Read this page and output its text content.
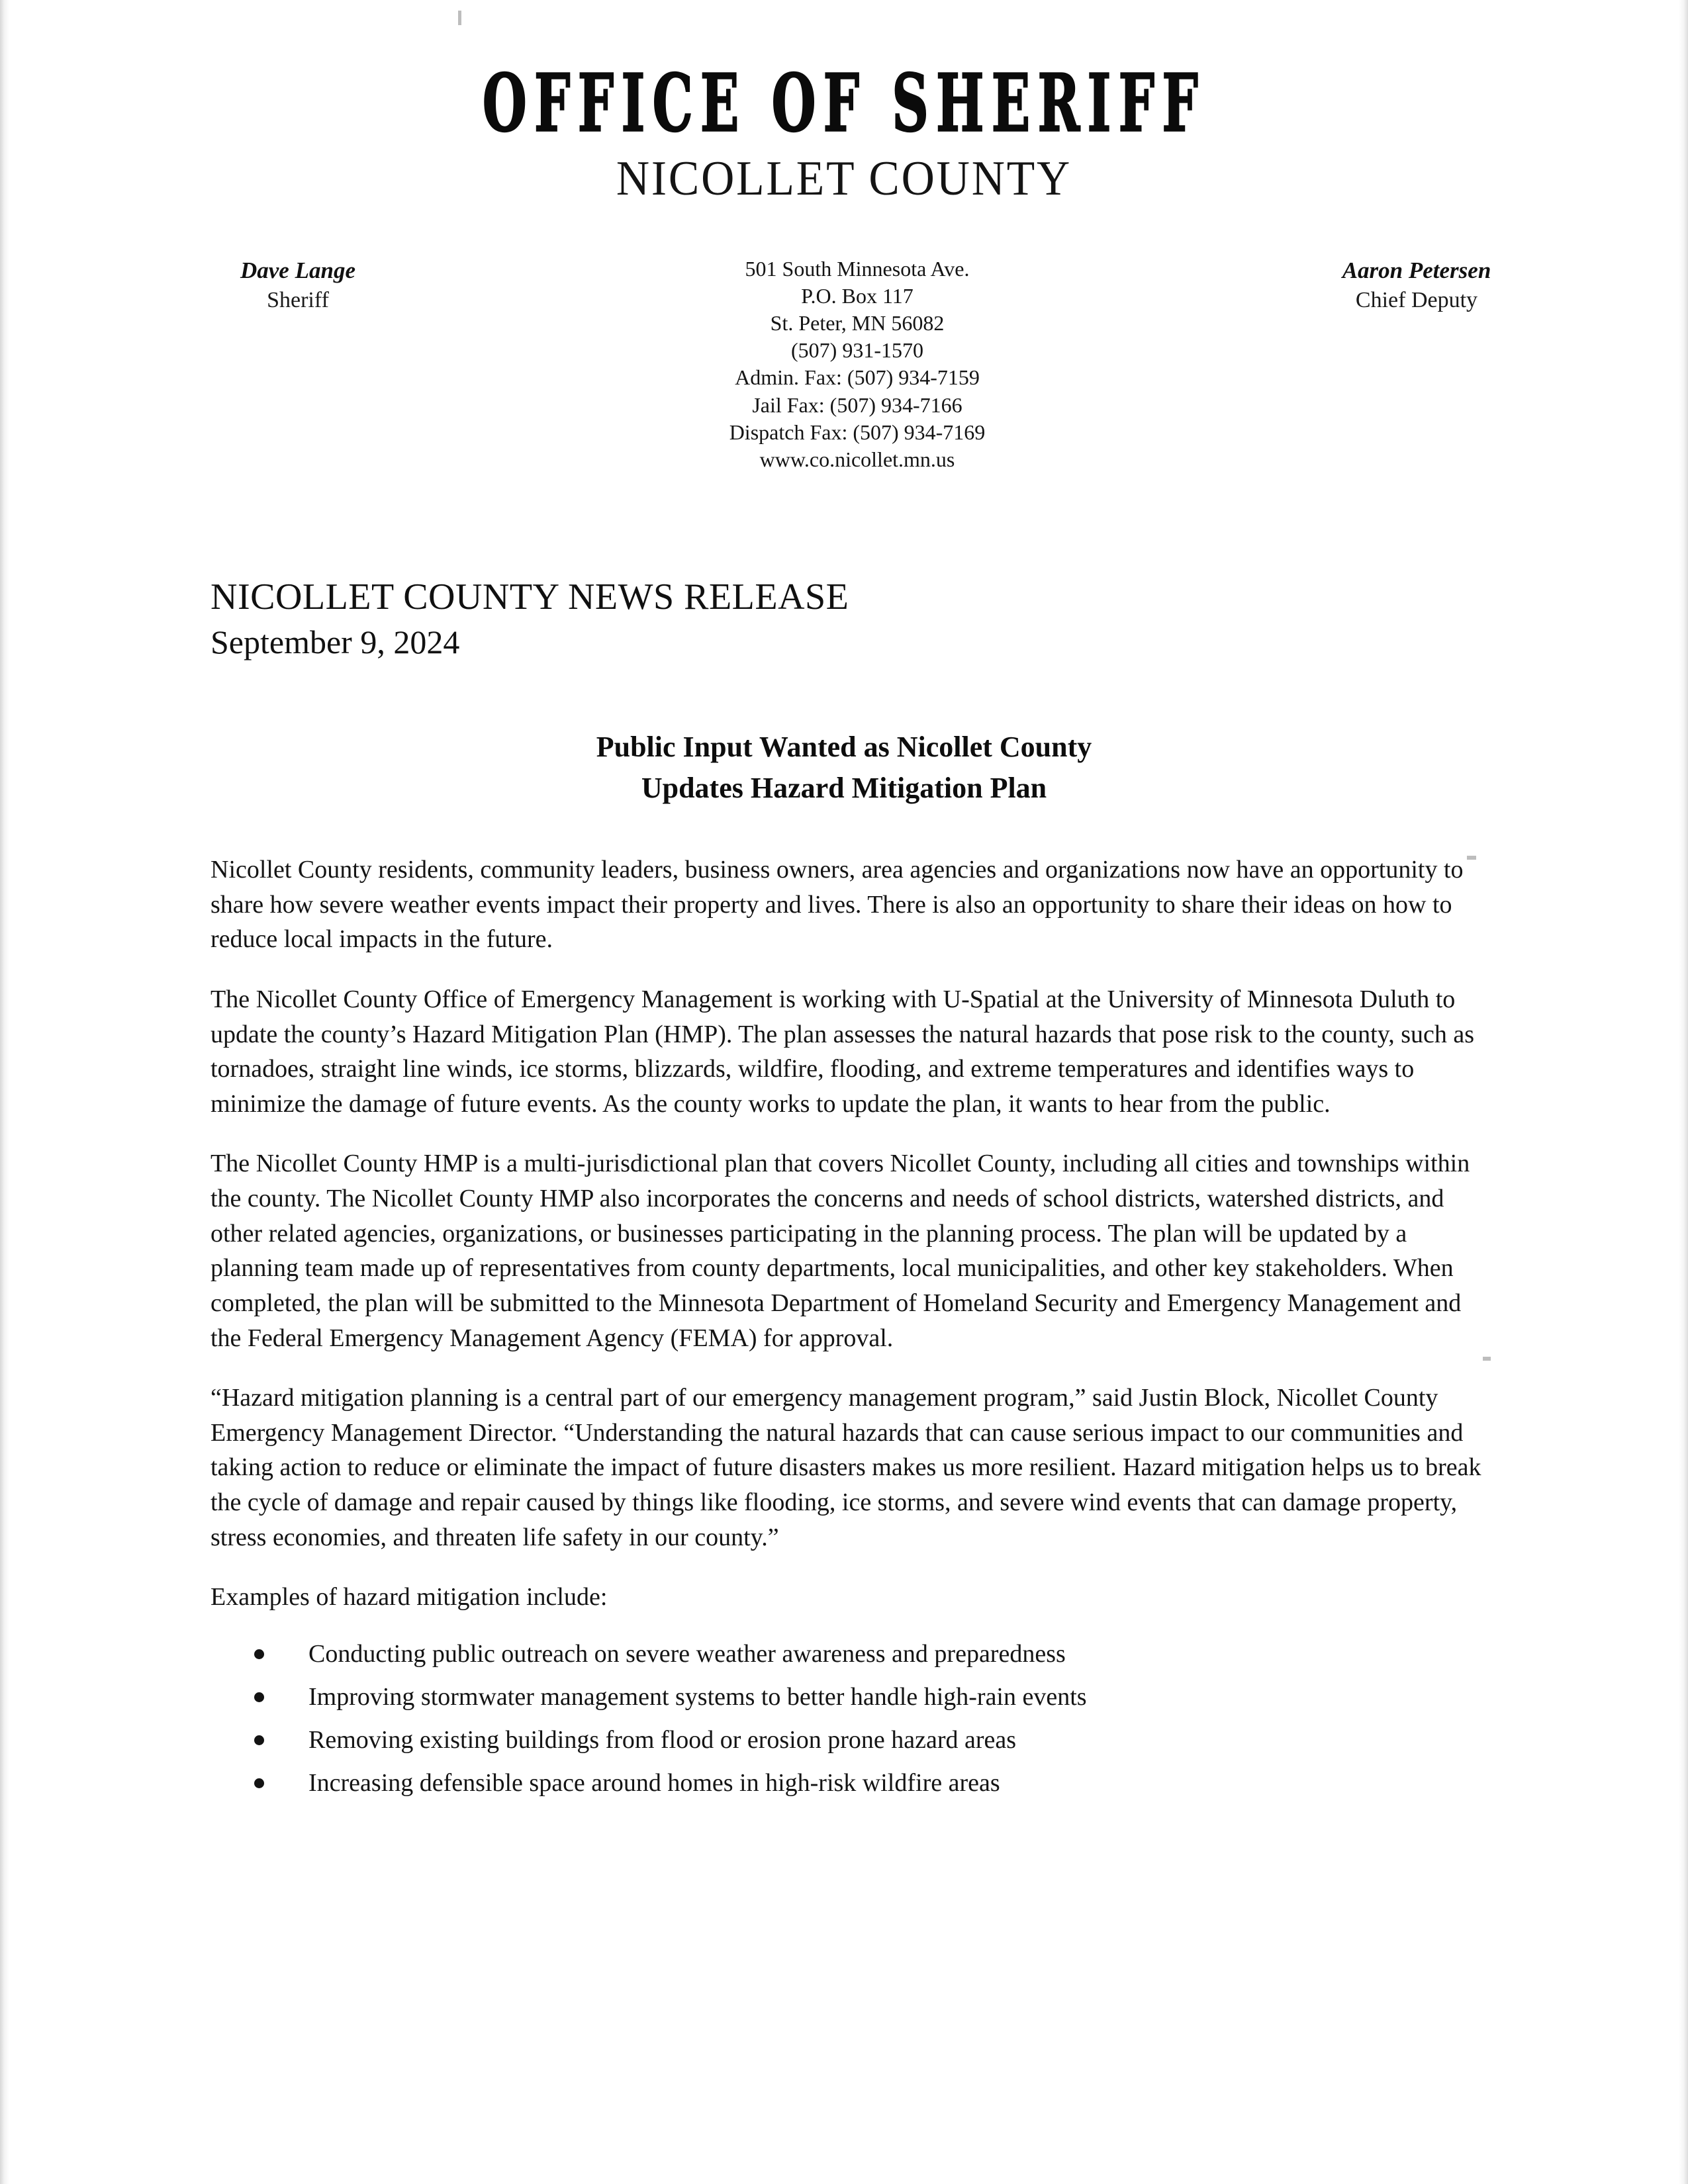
OFFICE OF SHERIFF
NICOLLET COUNTY
Dave Lange
Sheriff
501 South Minnesota Ave.
P.O. Box 117
St. Peter, MN 56082
(507) 931-1570
Admin. Fax: (507) 934-7159
Jail Fax: (507) 934-7166
Dispatch Fax: (507) 934-7169
www.co.nicollet.mn.us
Aaron Petersen
Chief Deputy
NICOLLET COUNTY NEWS RELEASE
September 9, 2024
Public Input Wanted as Nicollet County
Updates Hazard Mitigation Plan

Nicollet County residents, community leaders, business owners, area agencies and organizations now have an opportunity to share how severe weather events impact their property and lives. There is also an opportunity to share their ideas on how to reduce local impacts in the future.

The Nicollet County Office of Emergency Management is working with U-Spatial at the University of Minnesota Duluth to update the county’s Hazard Mitigation Plan (HMP). The plan assesses the natural hazards that pose risk to the county, such as tornadoes, straight line winds, ice storms, blizzards, wildfire, flooding, and extreme temperatures and identifies ways to minimize the damage of future events. As the county works to update the plan, it wants to hear from the public.

The Nicollet County HMP is a multi-jurisdictional plan that covers Nicollet County, including all cities and townships within the county. The Nicollet County HMP also incorporates the concerns and needs of school districts, watershed districts, and other related agencies, organizations, or businesses participating in the planning process. The plan will be updated by a planning team made up of representatives from county departments, local municipalities, and other key stakeholders. When completed, the plan will be submitted to the Minnesota Department of Homeland Security and Emergency Management and the Federal Emergency Management Agency (FEMA) for approval.

“Hazard mitigation planning is a central part of our emergency management program,” said Justin Block, Nicollet County Emergency Management Director. “Understanding the natural hazards that can cause serious impact to our communities and taking action to reduce or eliminate the impact of future disasters makes us more resilient. Hazard mitigation helps us to break the cycle of damage and repair caused by things like flooding, ice storms, and severe wind events that can damage property, stress economies, and threaten life safety in our county.”

Examples of hazard mitigation include:

Conducting public outreach on severe weather awareness and preparedness
Improving stormwater management systems to better handle high-rain events
Removing existing buildings from flood or erosion prone hazard areas
Increasing defensible space around homes in high-risk wildfire areas
